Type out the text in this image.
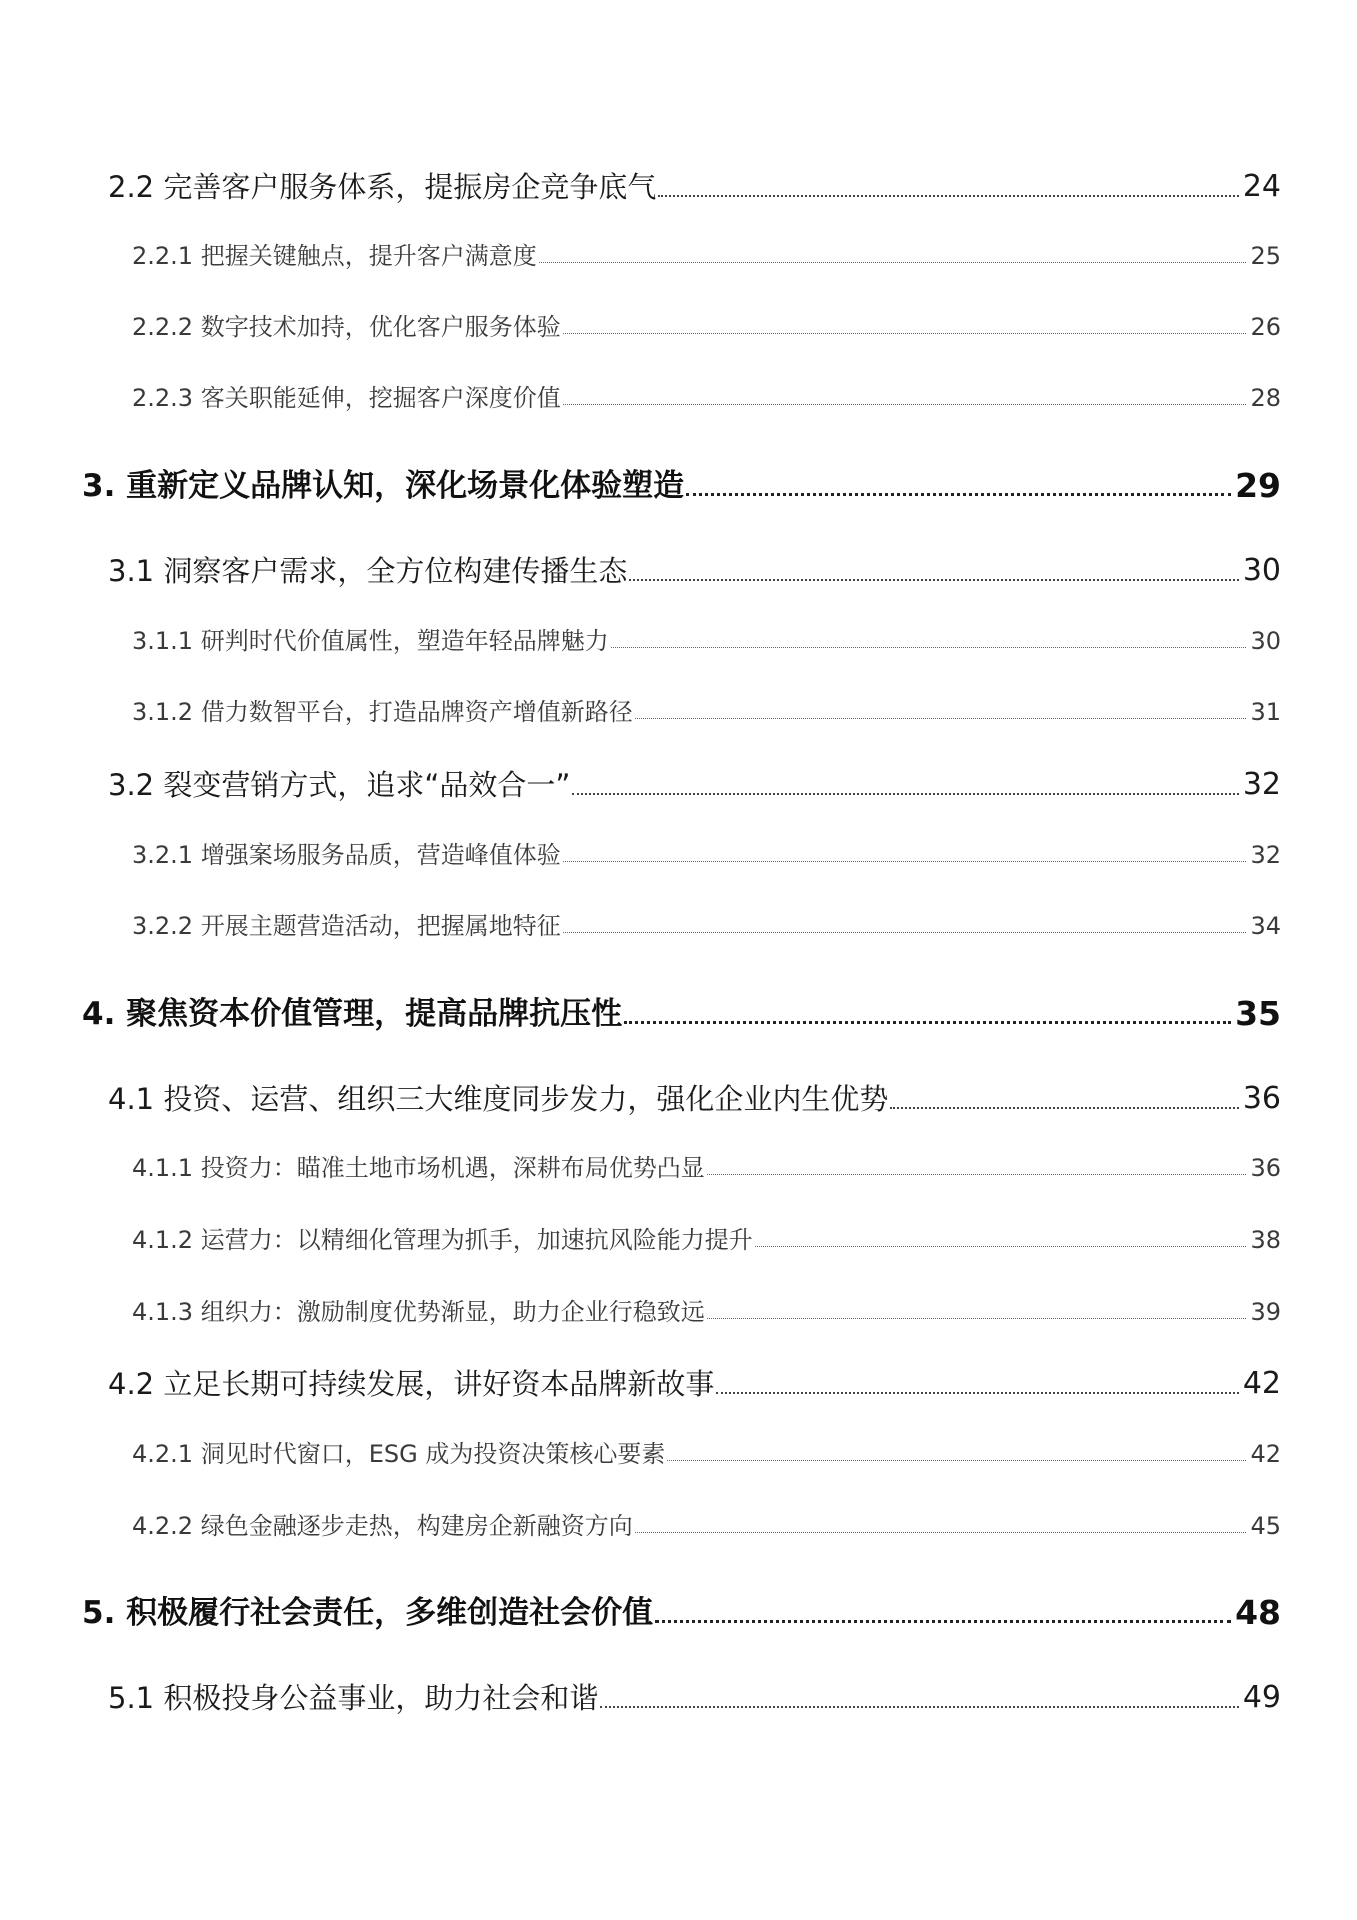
2.2 完善客户服务体系，提振房企竞争底气	24
2.2.1 把握关键触点，提升客户满意度	25
2.2.2 数字技术加持，优化客户服务体验	26
2.2.3 客关职能延伸，挖掘客户深度价值	28
3. 重新定义品牌认知，深化场景化体验塑造	29
3.1 洞察客户需求，全方位构建传播生态	30
3.1.1 研判时代价值属性，塑造年轻品牌魅力	30
3.1.2 借力数智平台，打造品牌资产增值新路径	31
3.2 裂变营销方式，追求“品效合一”	32
3.2.1 增强案场服务品质，营造峰值体验	32
3.2.2 开展主题营造活动，把握属地特征	34
4. 聚焦资本价值管理，提高品牌抗压性	35
4.1 投资、运营、组织三大维度同步发力，强化企业内生优势	36
4.1.1 投资力：瞄准土地市场机遇，深耕布局优势凸显	36
4.1.2 运营力：以精细化管理为抓手，加速抗风险能力提升	38
4.1.3 组织力：激励制度优势渐显，助力企业行稳致远	39
4.2 立足长期可持续发展，讲好资本品牌新故事	42
4.2.1 洞见时代窗口，ESG 成为投资决策核心要素	42
4.2.2 绿色金融逐步走热，构建房企新融资方向	45
5. 积极履行社会责任，多维创造社会价值	48
5.1 积极投身公益事业，助力社会和谐	49
